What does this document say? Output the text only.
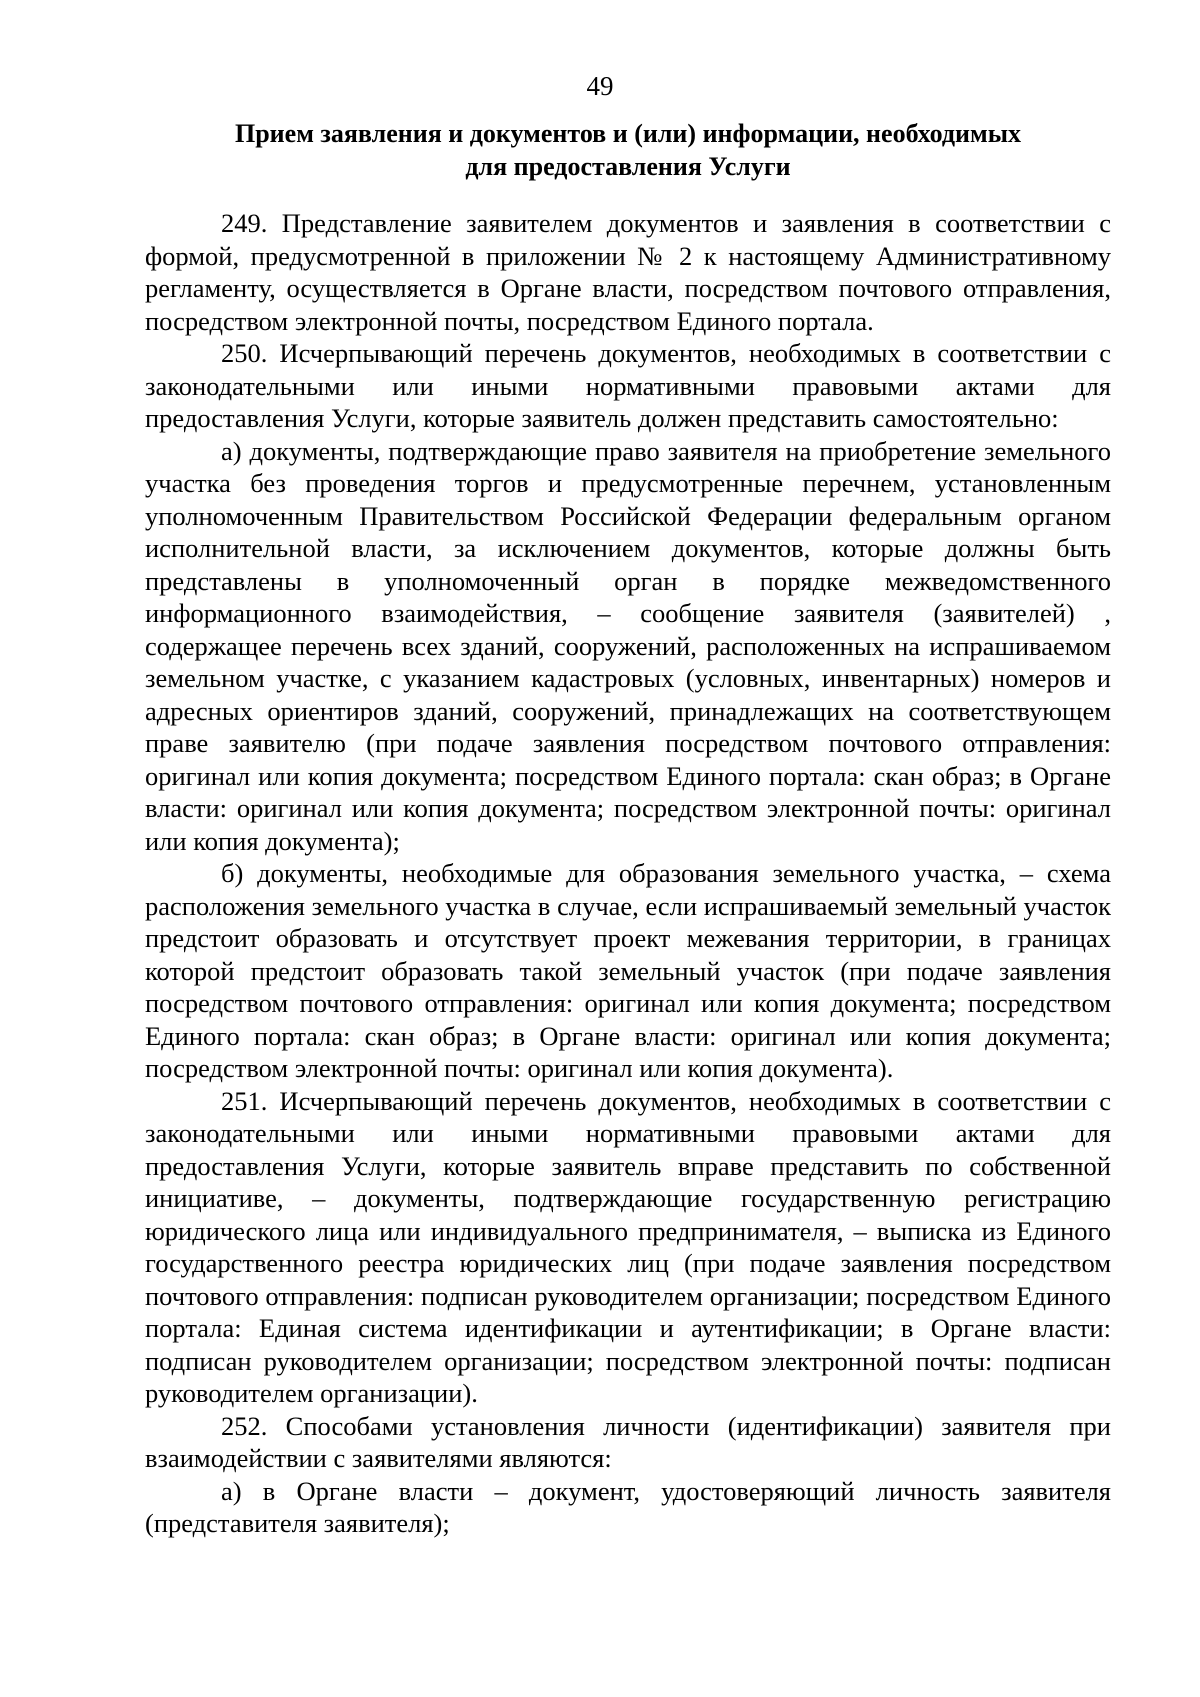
49
Прием заявления и документов и (или) информации, необходимых
для предоставления Услуги

249. Представление заявителем документов и заявления в соответствии с формой, предусмотренной в приложении № 2 к настоящему Административному регламенту, осуществляется в Органе власти, посредством почтового отправления, посредством электронной почты, посредством Единого портала.

250. Исчерпывающий перечень документов, необходимых в соответствии с законодательными или иными нормативными правовыми актами для предоставления Услуги, которые заявитель должен представить самостоятельно:

а) документы, подтверждающие право заявителя на приобретение земельного участка без проведения торгов и предусмотренные перечнем, установленным уполномоченным Правительством Российской Федерации федеральным органом исполнительной власти, за исключением документов, которые должны быть представлены в уполномоченный орган в порядке межведомственного информационного взаимодействия, – сообщение заявителя (заявителей) , содержащее перечень всех зданий, сооружений, расположенных на испрашиваемом земельном участке, с указанием кадастровых (условных, инвентарных) номеров и адресных ориентиров зданий, сооружений, принадлежащих на соответствующем праве заявителю (при подаче заявления посредством почтового отправления: оригинал или копия документа; посредством Единого портала: скан образ; в Органе власти: оригинал или копия документа; посредством электронной почты: оригинал или копия документа);

б) документы, необходимые для образования земельного участка, – схема расположения земельного участка в случае, если испрашиваемый земельный участок предстоит образовать и отсутствует проект межевания территории, в границах которой предстоит образовать такой земельный участок (при подаче заявления посредством почтового отправления: оригинал или копия документа; посредством Единого портала: скан образ; в Органе власти: оригинал или копия документа; посредством электронной почты: оригинал или копия документа).

251. Исчерпывающий перечень документов, необходимых в соответствии с законодательными или иными нормативными правовыми актами для предоставления Услуги, которые заявитель вправе представить по собственной инициативе, – документы, подтверждающие государственную регистрацию юридического лица или индивидуального предпринимателя, – выписка из Единого государственного реестра юридических лиц (при подаче заявления посредством почтового отправления: подписан руководителем организации; посредством Единого портала: Единая система идентификации и аутентификации; в Органе власти: подписан руководителем организации; посредством электронной почты: подписан руководителем организации).

252. Способами установления личности (идентификации) заявителя при взаимодействии с заявителями являются:

а) в Органе власти – документ, удостоверяющий личность заявителя (представителя заявителя);
